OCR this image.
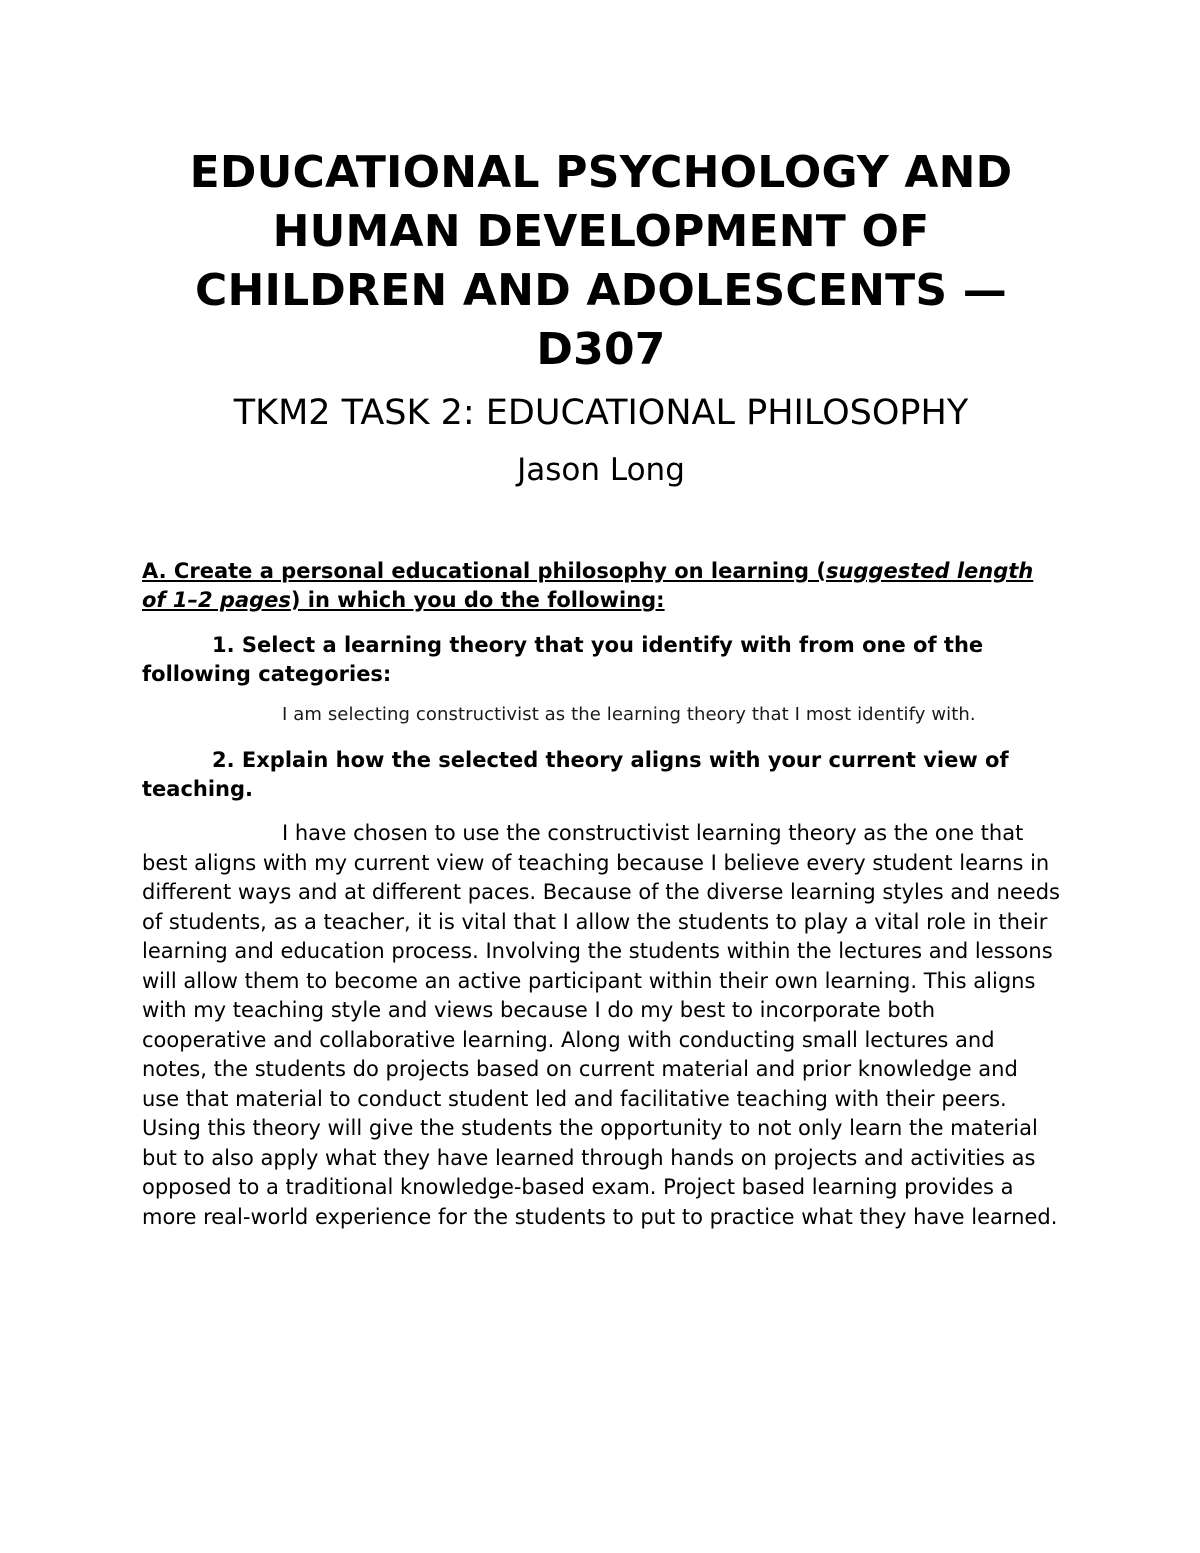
EDUCATIONAL PSYCHOLOGY AND HUMAN DEVELOPMENT OF CHILDREN AND ADOLESCENTS — D307
TKM2 TASK 2: EDUCATIONAL PHILOSOPHY

Jason Long

A. Create a personal educational philosophy on learning (suggested length of 1–2 pages) in which you do the following:

1. Select a learning theory that you identify with from one of the following categories:

I am selecting constructivist as the learning theory that I most identify with.

2. Explain how the selected theory aligns with your current view of teaching.

I have chosen to use the constructivist learning theory as the one that best aligns with my current view of teaching because I believe every student learns in different ways and at different paces. Because of the diverse learning styles and needs of students, as a teacher, it is vital that I allow the students to play a vital role in their learning and education process. Involving the students within the lectures and lessons will allow them to become an active participant within their own learning. This aligns with my teaching style and views because I do my best to incorporate both cooperative and collaborative learning. Along with conducting small lectures and notes, the students do projects based on current material and prior knowledge and use that material to conduct student led and facilitative teaching with their peers. Using this theory will give the students the opportunity to not only learn the material but to also apply what they have learned through hands on projects and activities as opposed to a traditional knowledge-based exam. Project based learning provides a more real-world experience for the students to put to practice what they have learned.
